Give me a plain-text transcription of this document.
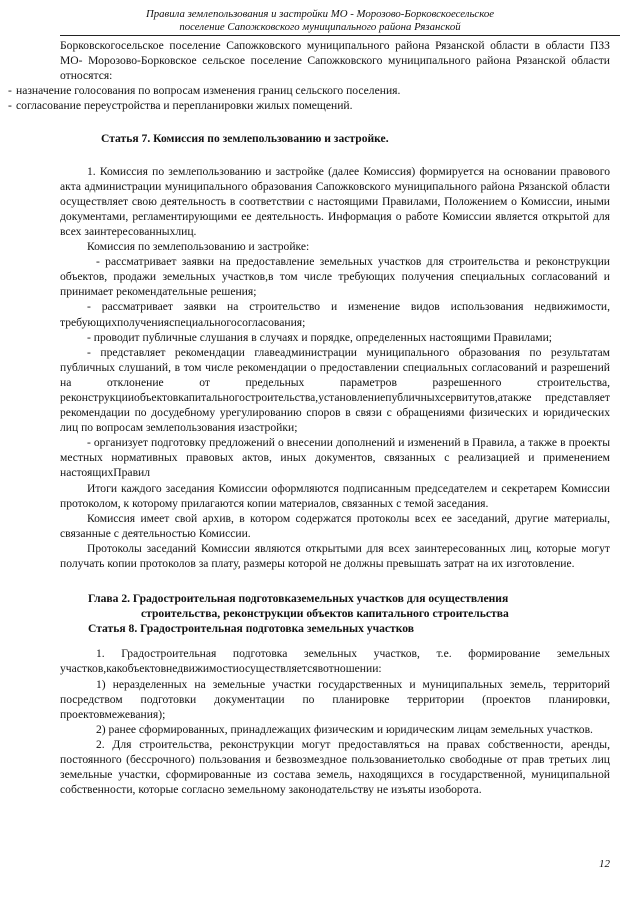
Правила землепользования и застройки МО - Морозово-Борковскоесельское
поселение Сапожковского муниципального района Рязанской

Борковскогосельское поселение Сапожковского муниципального района Рязанской области в области ПЗЗ МО- Морозово-Борковское сельское поселение Сапожковского муниципального района Рязанской области относятся:

- назначение голосования по вопросам изменения границ сельского поселения.
- согласование переустройства и перепланировки жилых помещений.

Статья 7. Комиссия по землепользованию и застройке.

1. Комиссия по землепользованию и застройке (далее Комиссия) формируется на основании правового акта администрации муниципального образования Сапожковского муниципального района Рязанской области осуществляет свою деятельность в соответствии с настоящими Правилами, Положением о Комиссии, иными документами, регламентирующими ее деятельность. Информация о работе Комиссии является открытой для всех заинтересованныхлиц.

Комиссия по землепользованию и застройке:

- рассматривает заявки на предоставление земельных участков для строительства и реконструкции объектов, продажи земельных участков,в том числе требующих получения специальных согласований и принимает рекомендательные решения;

- рассматривает заявки на строительство и изменение видов использования недвижимости, требующихполученияспециальногосогласования;

- проводит публичные слушания в случаях и порядке, определенных настоящими Правилами;

- представляет рекомендации главеадминистрации муниципального образования по результатам публичных слушаний, в том числе рекомендации о предоставлении специальных согласований и разрешений на отклонение от предельных параметров разрешенного строительства, реконструкцииобъектовкапитальногостроительства,установлениепубличныхсервитутов,атакже представляет рекомендации по досудебному урегулированию споров в связи с обращениями физических и юридических лиц по вопросам землепользования изастройки;

- организует подготовку предложений о внесении дополнений и изменений в Правила, а также в проекты местных нормативных правовых актов, иных документов, связанных с реализацией и применением настоящихПравил

Итоги каждого заседания Комиссии оформляются подписанным председателем и секретарем Комиссии протоколом, к которому прилагаются копии материалов, связанных с темой заседания.

Комиссия имеет свой архив, в котором содержатся протоколы всех ее заседаний, другие материалы, связанные с деятельностью Комиссии.

Протоколы заседаний Комиссии являются открытыми для всех заинтересованных лиц, которые могут получать копии протоколов за плату, размеры которой не должны превышать затрат на их изготовление.

Глава 2. Градостроительная подготовказемельных участков для осуществления
строительства, реконструкции объектов капитального строительства
Статья 8. Градостроительная подготовка земельных участков

1. Градостроительная подготовка земельных участков, т.е. формирование земельных участков,какобъектовнедвижимостиосуществляетсявотношении:

1) неразделенных на земельные участки государственных и муниципальных земель, территорий посредством подготовки документации по планировке территории (проектов планировки, проектовмежевания);

2) ранее сформированных, принадлежащих физическим и юридическим лицам земельных участков.

2. Для строительства, реконструкции могут предоставляться на правах собственности, аренды, постоянного (бессрочного) пользования и безвозмездное пользованиетолько свободные от прав третьих лиц земельные участки, сформированные из состава земель, находящихся в государственной, муниципальной собственности, которые согласно земельному законодательству не изъяты изоборота.

12
